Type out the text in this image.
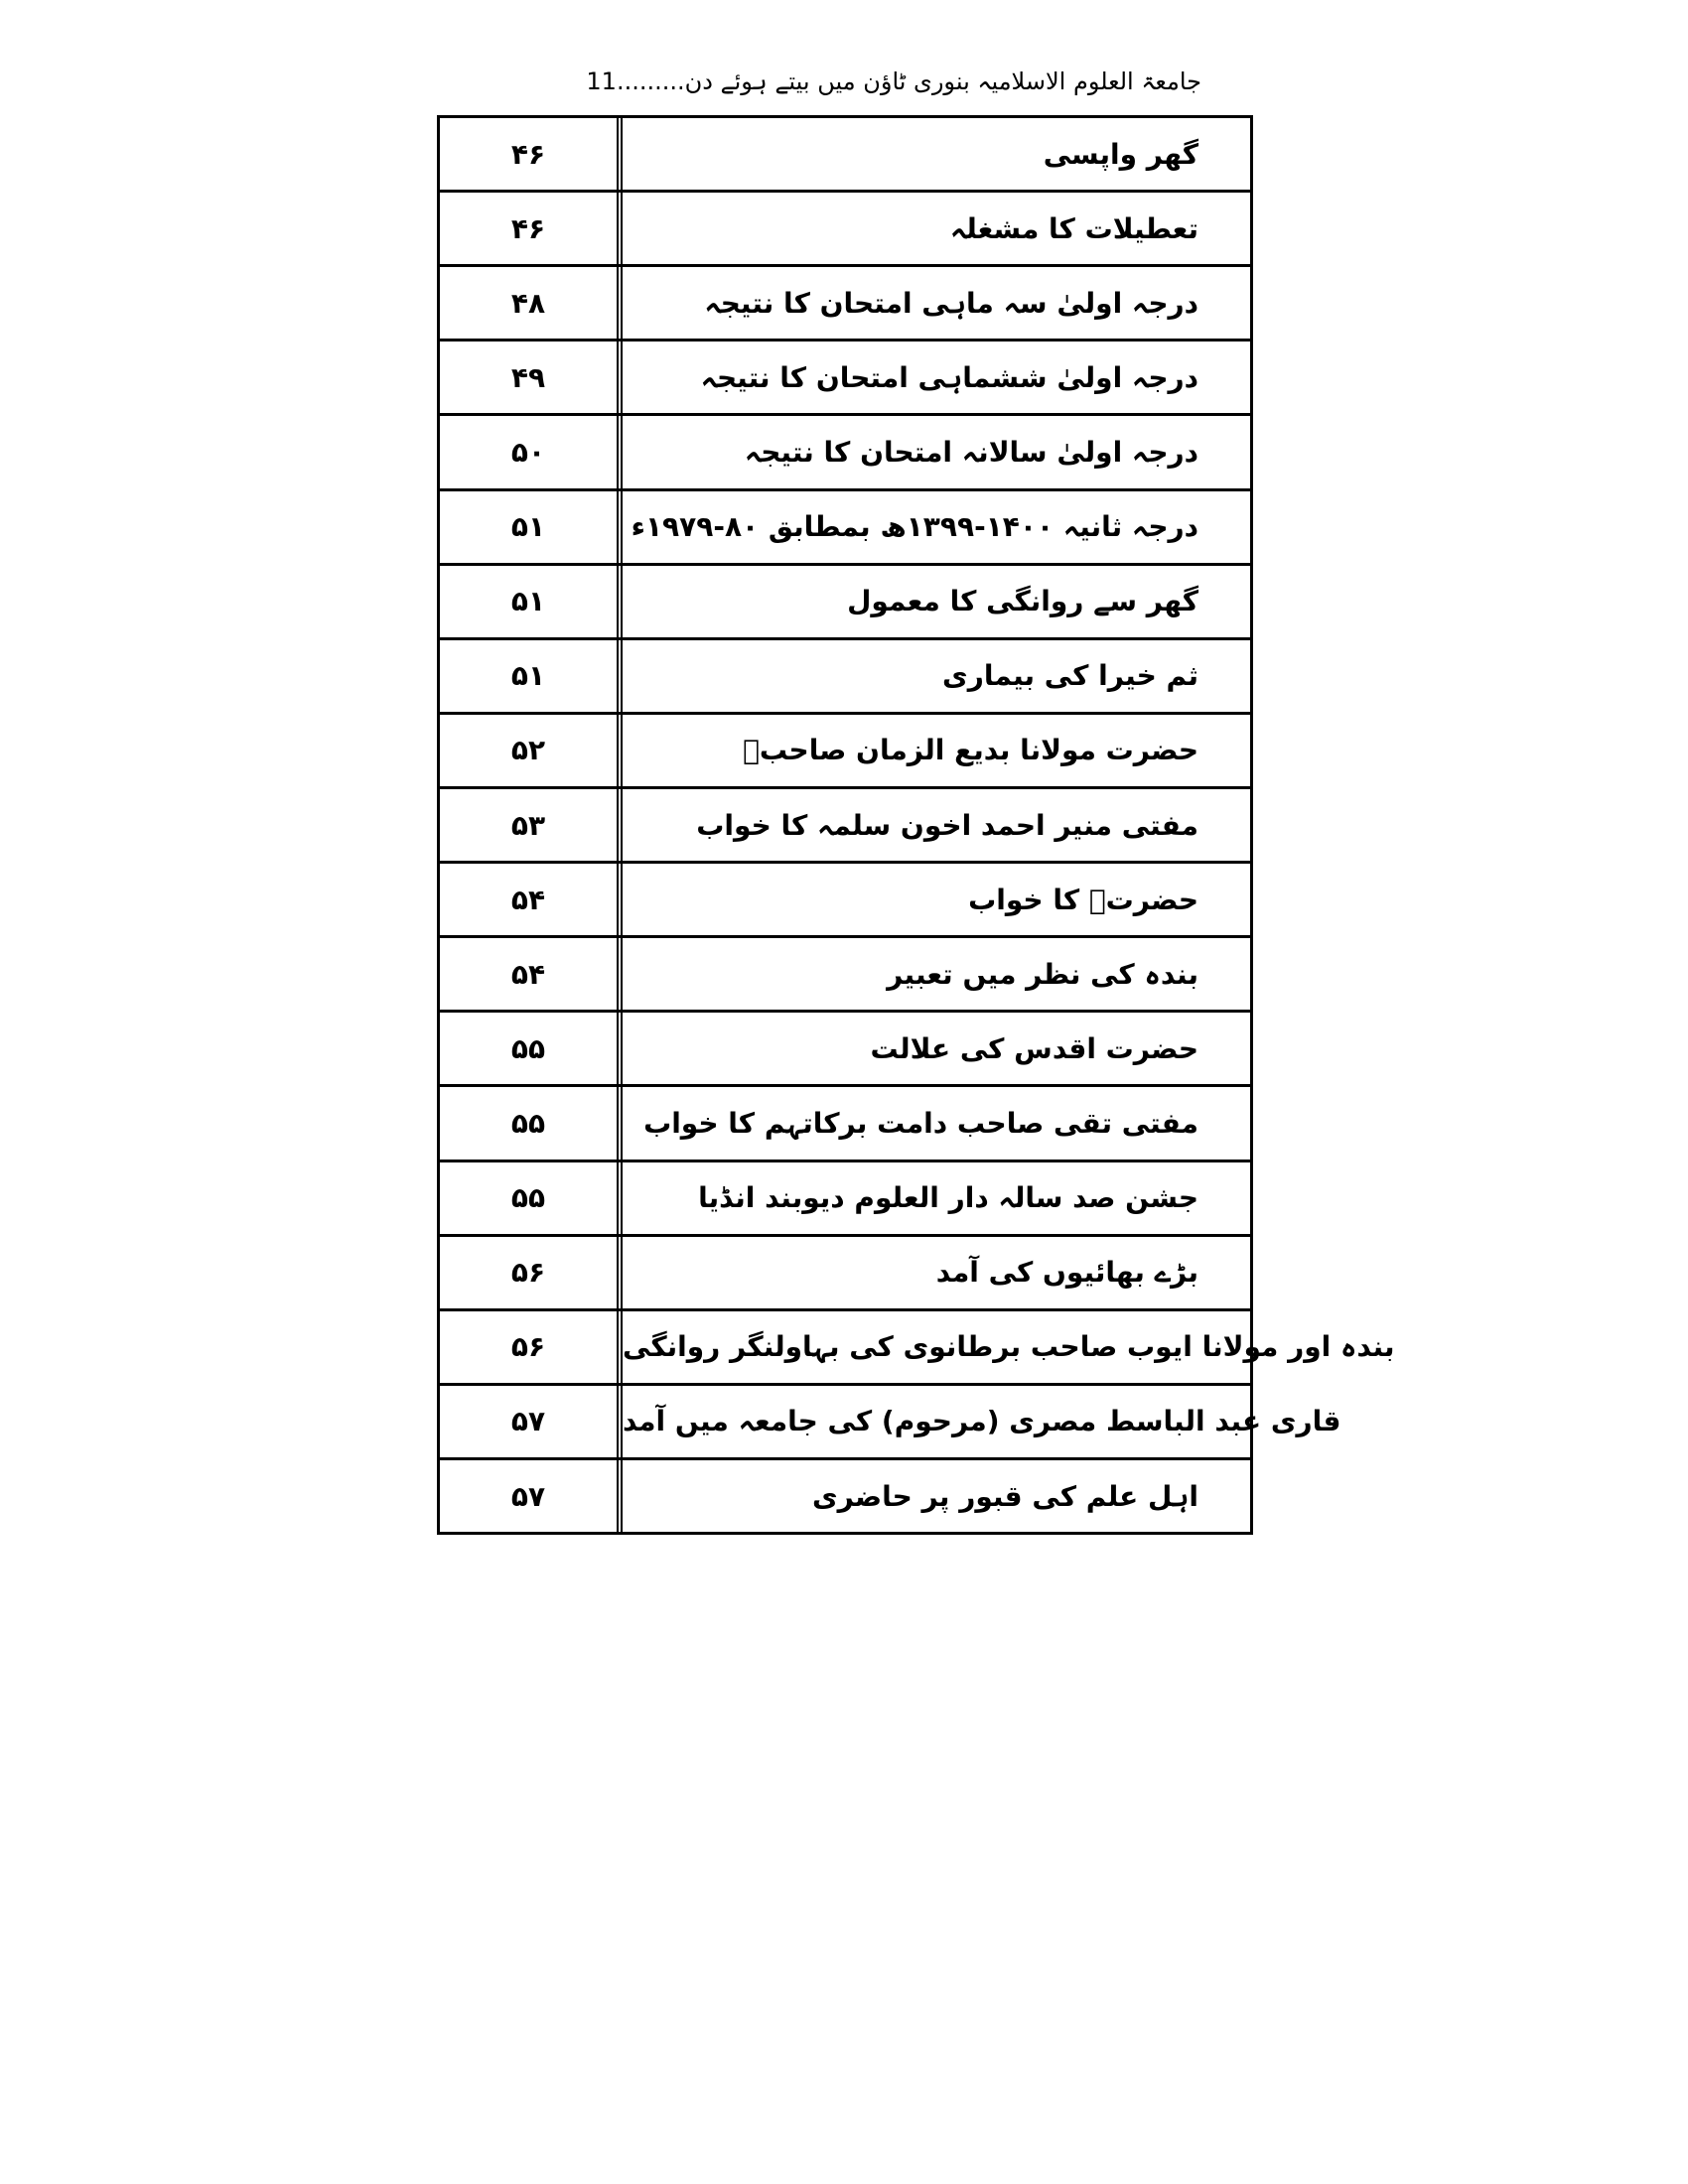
جامعۃ العلوم الاسلامیہ بنوری ٹاؤن میں بیتے ہوئے دن.........11
۴۶	گھر واپسی
۴۶	تعطیلات کا مشغلہ
۴۸	درجہ اولیٰ سہ ماہی امتحان کا نتیجہ
۴۹	درجہ اولیٰ ششماہی امتحان کا نتیجہ
۵۰	درجہ اولیٰ سالانہ امتحان کا نتیجہ
۵۱	درجہ ثانیہ ۱۴۰۰-۱۳۹۹ھ بمطابق ۸۰-۱۹۷۹ء
۵۱	گھر سے روانگی کا معمول
۵۱	ثم خیرا کی بیماری
۵۲	حضرت مولانا بدیع الزمان صاحبؒ
۵۳	مفتی منیر احمد اخون سلمہ کا خواب
۵۴	حضرتؒ کا خواب
۵۴	بندہ کی نظر میں تعبیر
۵۵	حضرت اقدس کی علالت
۵۵	مفتی تقی صاحب دامت برکاتہم کا خواب
۵۵	جشن صد سالہ دار العلوم دیوبند انڈیا
۵۶	بڑے بھائیوں کی آمد
۵۶	بندہ اور مولانا ایوب صاحب برطانوی کی بہاولنگر روانگی
۵۷	قاری عبد الباسط مصری (مرحوم) کی جامعہ میں آمد
۵۷	اہل علم کی قبور پر حاضری
